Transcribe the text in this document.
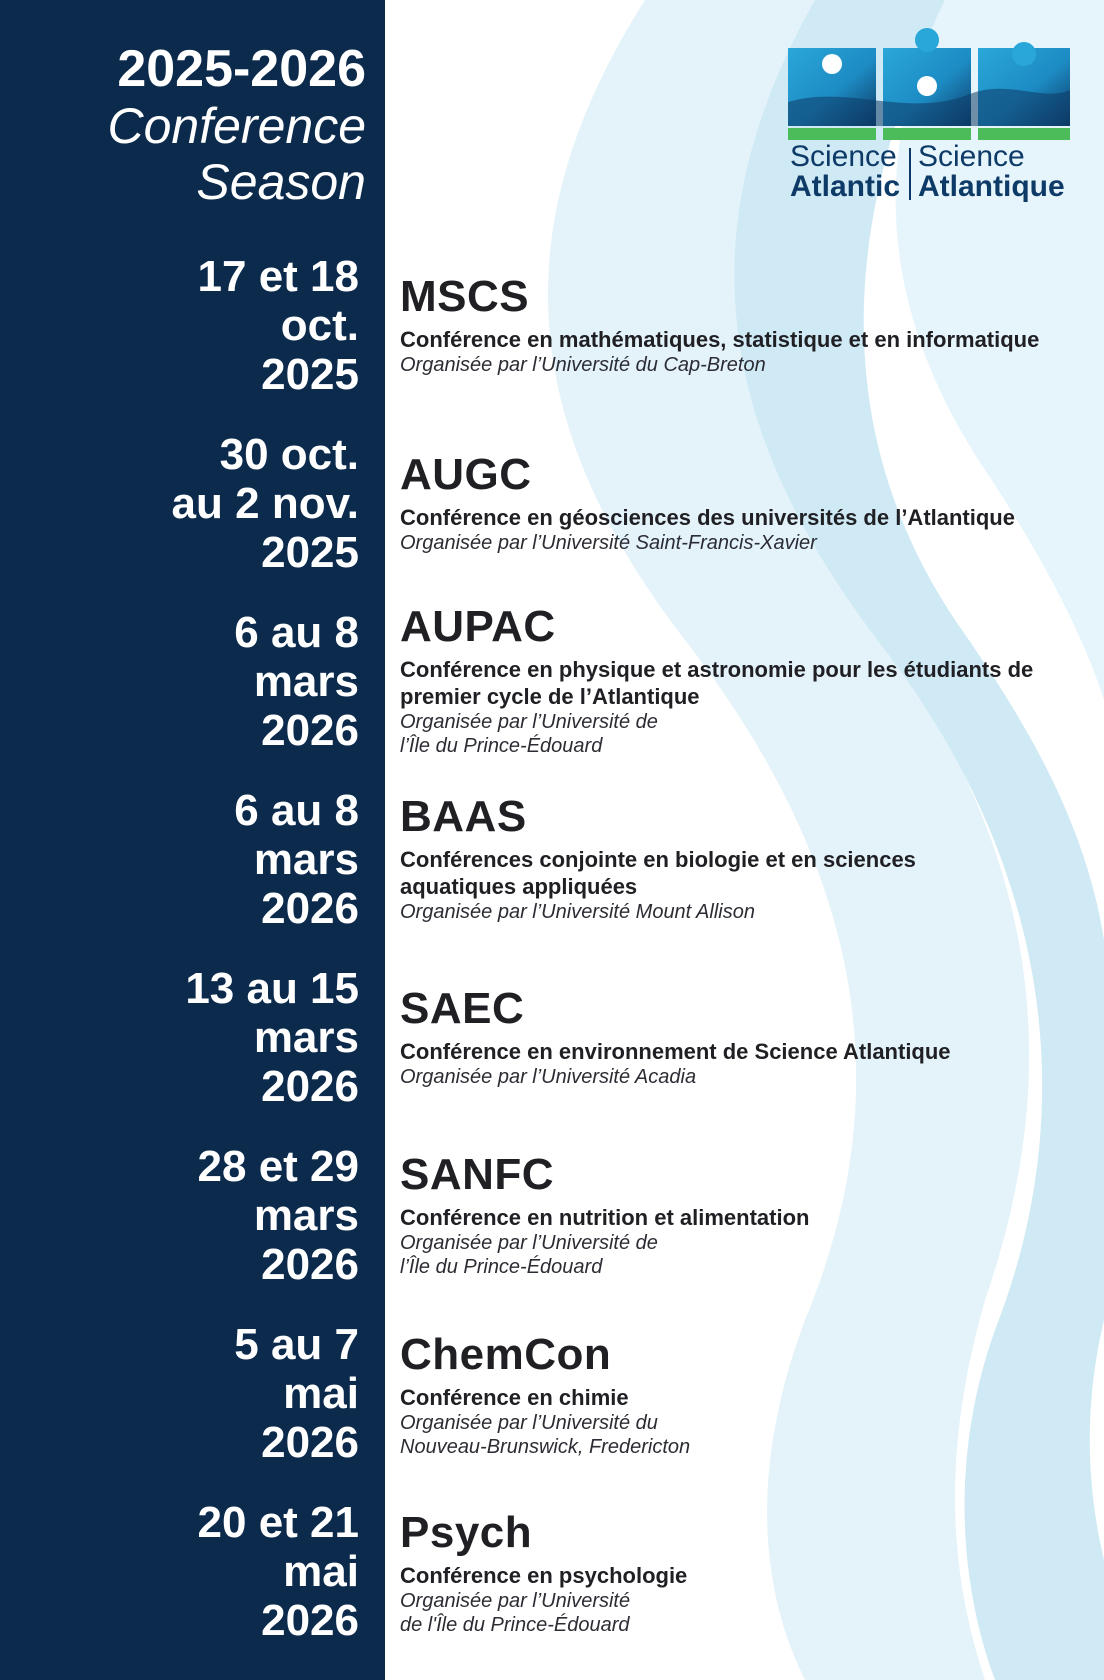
2025-2026
Conference
Season	Science
Atlantic
Science
Atlantique
17 et 18
oct.
2025
MSCS
Conférence en mathématiques, statistique et en informatique
Organisée par l’Université du Cap-Breton
30 oct.
au 2 nov.
2025
AUGC
Conférence en géosciences des universités de l’Atlantique
Organisée par l’Université Saint-Francis-Xavier
6 au 8
mars
2026
AUPAC
Conférence en physique et astronomie pour les étudiants de
premier cycle de l’Atlantique
Organisée par l’Université de
l’Île du Prince-Édouard
6 au 8
mars
2026
BAAS
Conférences conjointe en biologie et en sciences
aquatiques appliquées
Organisée par l’Université Mount Allison
13 au 15
mars
2026
SAEC
Conférence en environnement de Science Atlantique
Organisée par l’Université Acadia
28 et 29
mars
2026
SANFC
Conférence en nutrition et alimentation
Organisée par l’Université de
l’Île du Prince-Édouard
5 au 7
mai
2026
ChemCon
Conférence en chimie
Organisée par l’Université du
Nouveau-Brunswick, Fredericton
20 et 21
mai
2026
Psych
Conférence en psychologie
Organisée par l’Université
de l'Île du Prince-Édouard
